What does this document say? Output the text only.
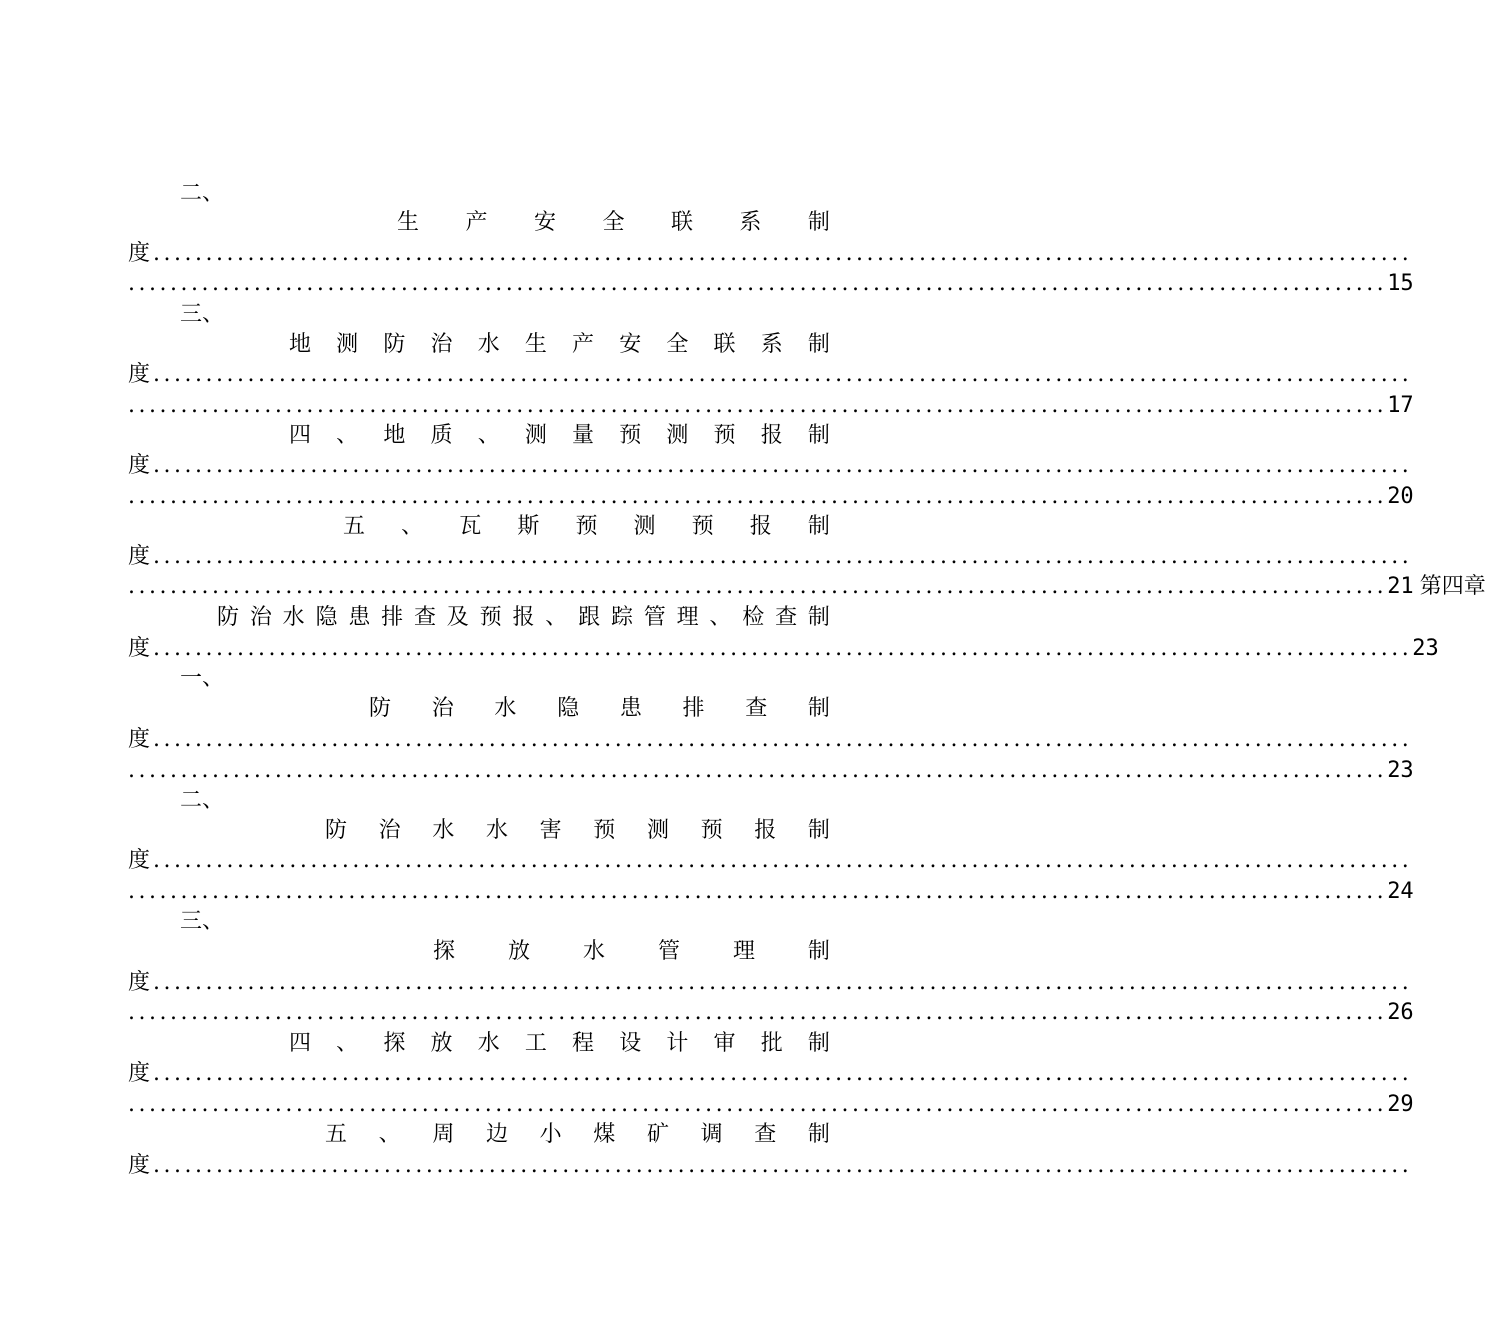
二、
生 产 安 全 联 系 制
度 ........................................................................................................................
........................................................................................................................ 15
三、
地 测 防 治 水 生 产 安 全 联 系 制
度 ........................................................................................................................
........................................................................................................................ 17
四 、 地 质 、 测 量 预 测 预 报 制
度 ........................................................................................................................
........................................................................................................................ 20
五 、 瓦 斯 预 测 预 报 制
度 ........................................................................................................................
........................................................................................................................ 21 第四章
防 治 水 隐 患 排 查 及 预 报 、 跟 踪 管 理 、 检 查 制
度 ........................................................................................................................ 23
一、
防 治 水 隐 患 排 查 制
度 ........................................................................................................................
........................................................................................................................ 23
二、
防 治 水 水 害 预 测 预 报 制
度 ........................................................................................................................
........................................................................................................................ 24
三、
探 放 水 管 理 制
度 ........................................................................................................................
........................................................................................................................ 26
四 、 探 放 水 工 程 设 计 审 批 制
度 ........................................................................................................................
........................................................................................................................ 29
五 、 周 边 小 煤 矿 调 查 制
度 ........................................................................................................................
